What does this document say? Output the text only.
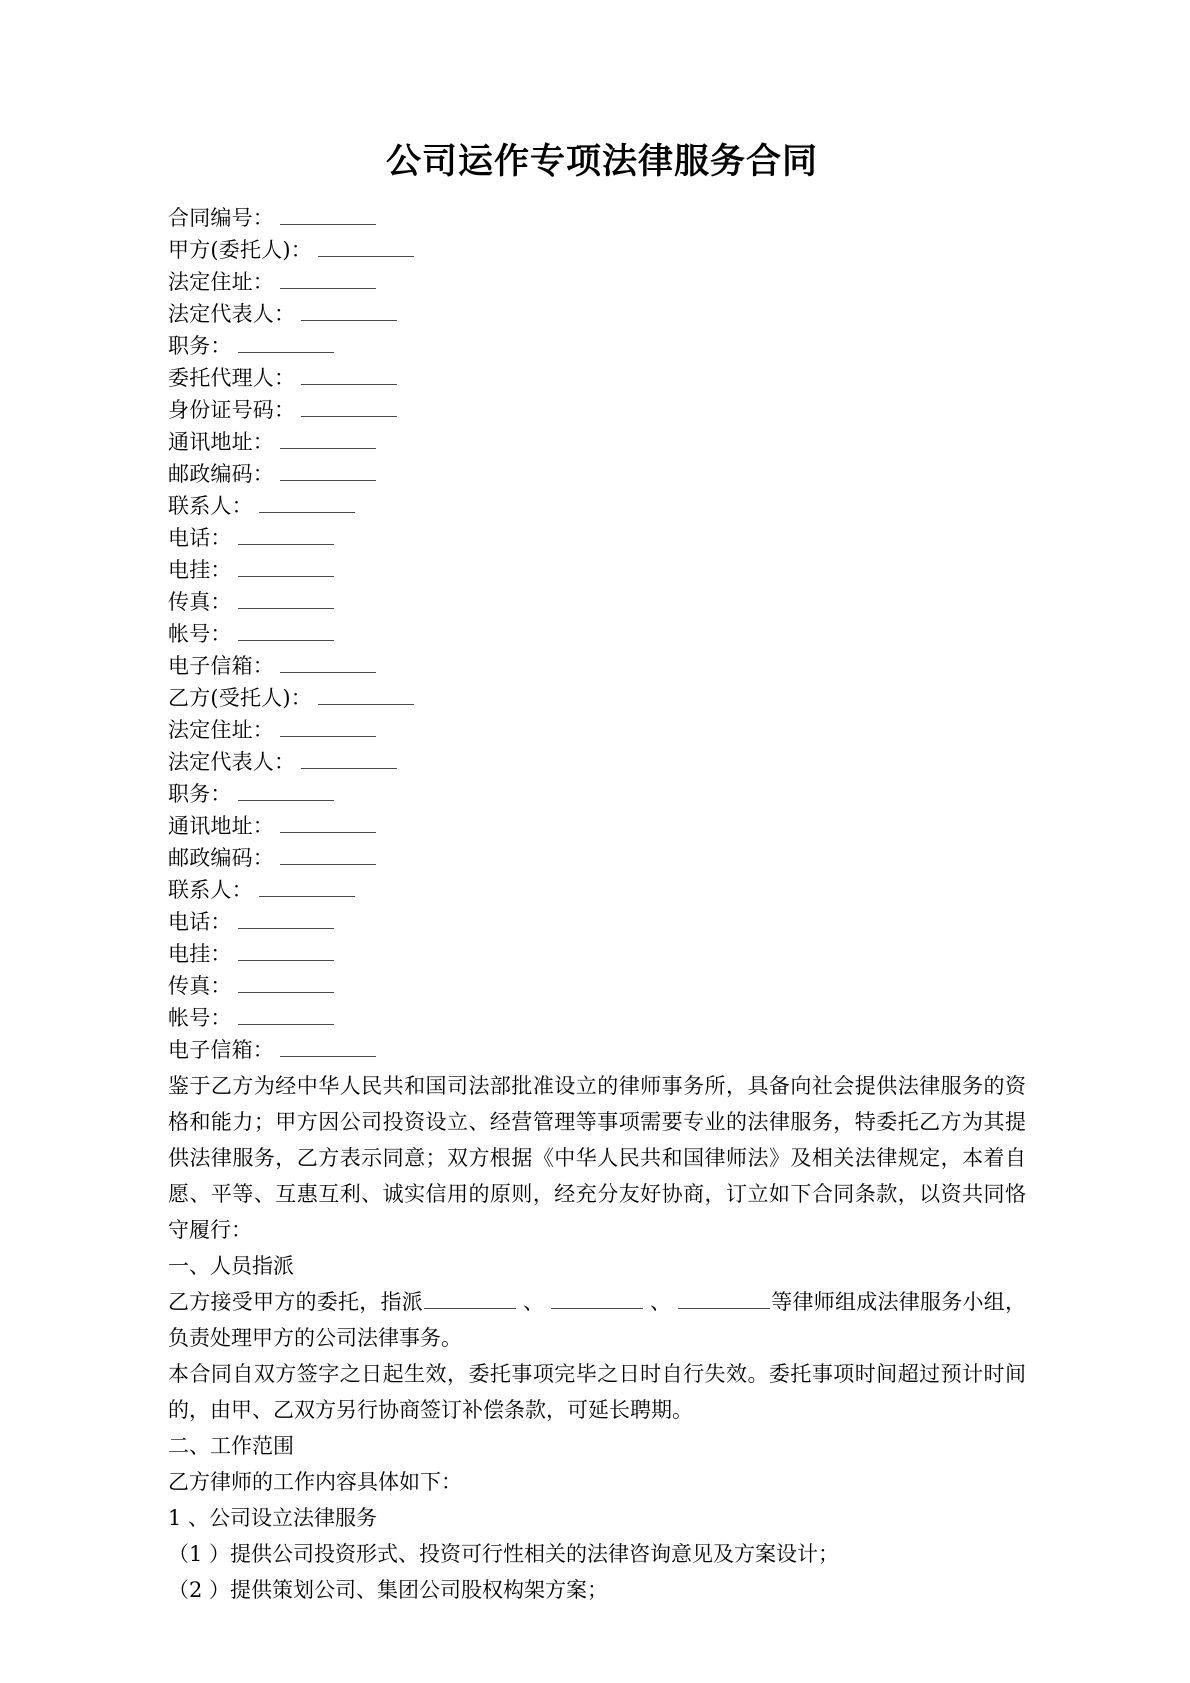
公司运作专项法律服务合同
合同编号：
甲方(委托人)：
法定住址：
法定代表人：
职务：
委托代理人：
身份证号码：
通讯地址：
邮政编码：
联系人：
电话：
电挂：
传真：
帐号：
电子信箱：
乙方(受托人)：
法定住址：
法定代表人：
职务：
通讯地址：
邮政编码：
联系人：
电话：
电挂：
传真：
帐号：
电子信箱：

鉴于乙方为经中华人民共和国司法部批准设立的律师事务所，具备向社会提供法律服务的资格和能力；甲方因公司投资设立、经营管理等事项需要专业的法律服务，特委托乙方为其提供法律服务，乙方表示同意；双方根据《中华人民共和国律师法》及相关法律规定，本着自愿、平等、互惠互利、诚实信用的原则，经充分友好协商，订立如下合同条款，以资共同恪守履行：

一、人员指派

乙方接受甲方的委托，指派	、	、	等律师组成法律服务小组，负责处理甲方的公司法律事务。

本合同自双方签字之日起生效，委托事项完毕之日时自行失效。委托事项时间超过预计时间的，由甲、乙双方另行协商签订补偿条款，可延长聘期。

二、工作范围

乙方律师的工作内容具体如下：

1 、公司设立法律服务

（1 ）提供公司投资形式、投资可行性相关的法律咨询意见及方案设计；

（2 ）提供策划公司、集团公司股权构架方案；
